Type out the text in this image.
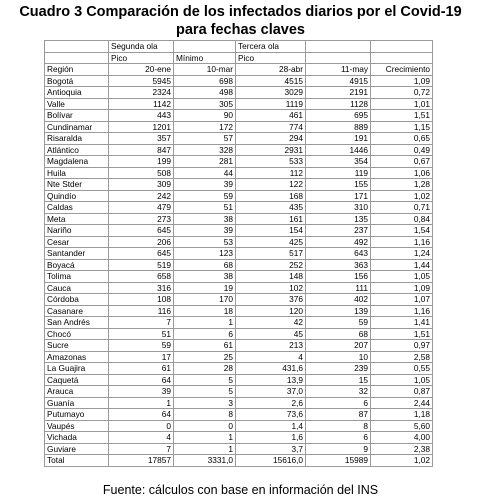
Cuadro 3 Comparación de los infectados diarios por el Covid-19
para fechas claves
	Segunda ola		Tercera ola		
	Pico	Mínimo	Pico		
Región	20-ene	10-mar	28-abr	11-may	Crecimiento
Bogotá	5945	698	4515	4915	1,09
Antioquia	2324	498	3029	2191	0,72
Valle	1142	305	1119	1128	1,01
Bolívar	443	90	461	695	1,51
Cundinamar	1201	172	774	889	1,15
Risaralda	357	57	294	191	0,65
Atlántico	847	328	2931	1446	0,49
Magdalena	199	281	533	354	0,67
Huila	508	44	112	119	1,06
Nte Stder	309	39	122	155	1,28
Quindío	242	59	168	171	1,02
Caldas	479	51	435	310	0,71
Meta	273	38	161	135	0,84
Nariño	645	39	154	237	1,54
Cesar	206	53	425	492	1,16
Santander	645	123	517	643	1,24
Boyacá	519	68	252	363	1,44
Tolima	658	38	148	156	1,05
Cauca	316	19	102	111	1,09
Córdoba	108	170	376	402	1,07
Casanare	116	18	120	139	1,16
San Andrés	7	1	42	59	1,41
Chocó	51	6	45	68	1,51
Sucre	59	61	213	207	0,97
Amazonas	17	25	4	10	2,58
La Guajira	61	28	431,6	239	0,55
Caquetá	64	5	13,9	15	1,05
Arauca	39	5	37,0	32	0,87
Guanía	1	3	2,6	6	2,44
Putumayo	64	8	73,6	87	1,18
Vaupés	0	0	1,4	8	5,60
Vichada	4	1	1,6	6	4,00
Guviare	7	1	3,7	9	2,38
Total	17857	3331,0	15616,0	15989	1,02
Fuente: cálculos con base en información del INS
